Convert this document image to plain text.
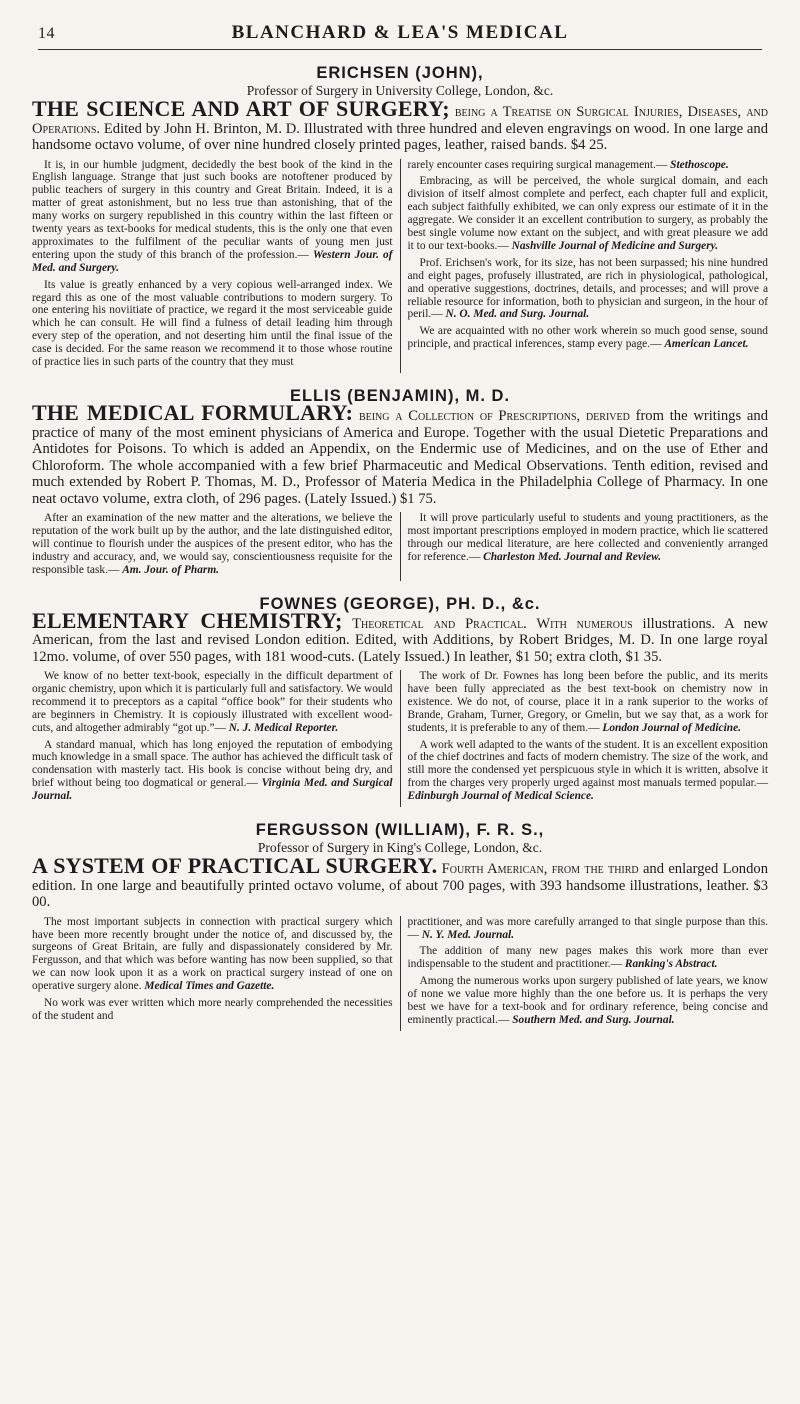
14	BLANCHARD & LEA'S MEDICAL
ERICHSEN (JOHN),
Professor of Surgery in University College, London, &c.

THE SCIENCE AND ART OF SURGERY; being a Treatise on Surgical Injuries, Diseases, and Operations. Edited by John H. Brinton, M. D. Illustrated with three hundred and eleven engravings on wood. In one large and handsome octavo volume, of over nine hundred closely printed pages, leather, raised bands. $4 25.

It is, in our humble judgment, decidedly the best book of the kind in the English language. Strange that just such books are notoftener produced by public teachers of surgery in this country and Great Britain. Indeed, it is a matter of great astonishment, but no less true than astonishing, that of the many works on surgery republished in this country within the last fifteen or twenty years as text-books for medical students, this is the only one that even approximates to the fulfilment of the peculiar wants of young men just entering upon the study of this branch of the profession.— Western Jour. of Med. and Surgery.

Its value is greatly enhanced by a very copious well-arranged index. We regard this as one of the most valuable contributions to modern surgery. To one entering his noviitiate of practice, we regard it the most serviceable guide which he can consult. He will find a fulness of detail leading him through every step of the operation, and not deserting him until the final issue of the case is decided. For the same reason we recommend it to those whose routine of practice lies in such parts of the country that they must

rarely encounter cases requiring surgical management.— Stethoscope.

Embracing, as will be perceived, the whole surgical domain, and each division of itself almost complete and perfect, each chapter full and explicit, each subject faithfully exhibited, we can only express our estimate of it in the aggregate. We consider it an excellent contribution to surgery, as probably the best single volume now extant on the subject, and with great pleasure we add it to our text-books.— Nashville Journal of Medicine and Surgery.

Prof. Erichsen's work, for its size, has not been surpassed; his nine hundred and eight pages, profusely illustrated, are rich in physiological, pathological, and operative suggestions, doctrines, details, and processes; and will prove a reliable resource for information, both to physician and surgeon, in the hour of peril.— N. O. Med. and Surg. Journal.

We are acquainted with no other work wherein so much good sense, sound principle, and practical inferences, stamp every page.— American Lancet.

ELLIS (BENJAMIN), M. D.

THE MEDICAL FORMULARY: being a Collection of Prescriptions, derived from the writings and practice of many of the most eminent physicians of America and Europe. Together with the usual Dietetic Preparations and Antidotes for Poisons. To which is added an Appendix, on the Endermic use of Medicines, and on the use of Ether and Chloroform. The whole accompanied with a few brief Pharmaceutic and Medical Observations. Tenth edition, revised and much extended by Robert P. Thomas, M. D., Professor of Materia Medica in the Philadelphia College of Pharmacy. In one neat octavo volume, extra cloth, of 296 pages. (Lately Issued.) $1 75.

After an examination of the new matter and the alterations, we believe the reputation of the work built up by the author, and the late distinguished editor, will continue to flourish under the auspices of the present editor, who has the industry and accuracy, and, we would say, conscientiousness requisite for the responsible task.— Am. Jour. of Pharm.

It will prove particularly useful to students and young practitioners, as the most important prescriptions employed in modern practice, which lie scattered through our medical literature, are here collected and conveniently arranged for reference.— Charleston Med. Journal and Review.

FOWNES (GEORGE), PH. D., &c.

ELEMENTARY CHEMISTRY; Theoretical and Practical. With numerous illustrations. A new American, from the last and revised London edition. Edited, with Additions, by Robert Bridges, M. D. In one large royal 12mo. volume, of over 550 pages, with 181 wood-cuts. (Lately Issued.) In leather, $1 50; extra cloth, $1 35.

We know of no better text-book, especially in the difficult department of organic chemistry, upon which it is particularly full and satisfactory. We would recommend it to preceptors as a capital “office book” for their students who are beginners in Chemistry. It is copiously illustrated with excellent wood-cuts, and altogether admirably “got up.”— N. J. Medical Reporter.

A standard manual, which has long enjoyed the reputation of embodying much knowledge in a small space. The author has achieved the difficult task of condensation with masterly tact. His book is concise without being dry, and brief without being too dogmatical or general.— Virginia Med. and Surgical Journal.

The work of Dr. Fownes has long been before the public, and its merits have been fully appreciated as the best text-book on chemistry now in existence. We do not, of course, place it in a rank superior to the works of Brande, Graham, Turner, Gregory, or Gmelin, but we say that, as a work for students, it is preferable to any of them.— London Journal of Medicine.

A work well adapted to the wants of the student. It is an excellent exposition of the chief doctrines and facts of modern chemistry. The size of the work, and still more the condensed yet perspicuous style in which it is written, absolve it from the charges very properly urged against most manuals termed popular.— Edinburgh Journal of Medical Science.

FERGUSSON (WILLIAM), F. R. S.,
Professor of Surgery in King's College, London, &c.

A SYSTEM OF PRACTICAL SURGERY. Fourth American, from the third and enlarged London edition. In one large and beautifully printed octavo volume, of about 700 pages, with 393 handsome illustrations, leather. $3 00.

The most important subjects in connection with practical surgery which have been more recently brought under the notice of, and discussed by, the surgeons of Great Britain, are fully and dispassionately considered by Mr. Fergusson, and that which was before wanting has now been supplied, so that we can now look upon it as a work on practical surgery instead of one on operative surgery alone. Medical Times and Gazette.

No work was ever written which more nearly comprehended the necessities of the student and

practitioner, and was more carefully arranged to that single purpose than this.— N. Y. Med. Journal.

The addition of many new pages makes this work more than ever indispensable to the student and practitioner.— Ranking's Abstract.

Among the numerous works upon surgery published of late years, we know of none we value more highly than the one before us. It is perhaps the very best we have for a text-book and for ordinary reference, being concise and eminently practical.— Southern Med. and Surg. Journal.
